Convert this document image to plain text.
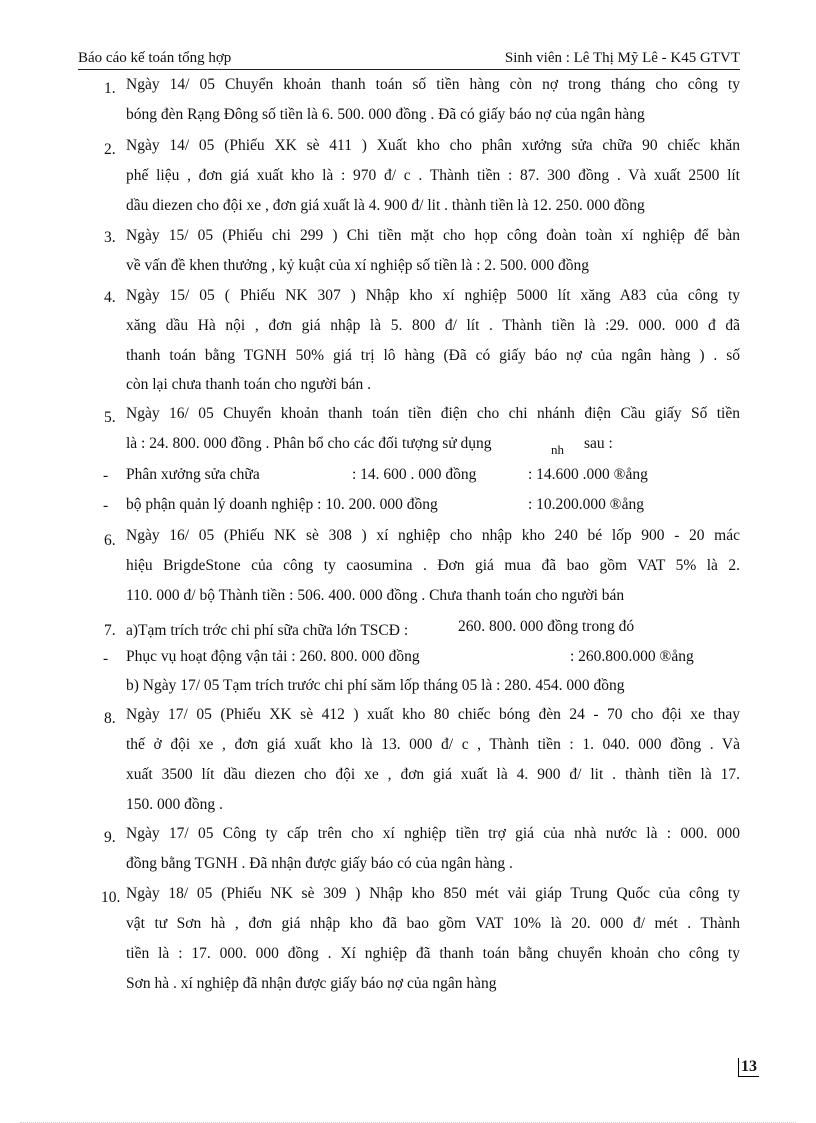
Báo cáo kế toán tổng hợp	Sinh viên : Lê Thị Mỹ Lê - K45 GTVT
1. Ngày 14/ 05 Chuyển khoản thanh toán số tiền hàng còn nợ trong tháng cho công ty
bóng đèn Rạng Đông số tiền là 6. 500. 000 đồng . Đã có giấy báo nợ của ngân hàng
2. Ngày 14/ 05 (Phiếu XK sè 411 ) Xuất kho cho phân xưởng sửa chữa 90 chiếc khăn
phế liệu , đơn giá xuất kho là : 970 đ/ c . Thành tiền : 87. 300 đồng . Và xuất 2500 lít
dầu diezen cho đội xe , đơn giá xuất là 4. 900 đ/ lit . thành tiền là 12. 250. 000 đồng
3. Ngày 15/ 05 (Phiếu chi 299 ) Chi tiền mặt cho họp công đoàn toàn xí nghiệp để bàn
về vấn đề khen thưởng , kỷ kuật của xí nghiệp số tiền là : 2. 500. 000 đồng
4. Ngày 15/ 05 ( Phiếu NK 307 ) Nhập kho xí nghiệp 5000 lít xăng A83 của công ty
xăng dầu Hà nội , đơn giá nhập là 5. 800 đ/ lít . Thành tiền là :29. 000. 000 đ đã
thanh toán bằng TGNH 50% giá trị lô hàng (Đã có giấy báo nợ của ngân hàng ) . số
còn lại chưa thanh toán cho người bán .
5. Ngày 16/ 05 Chuyển khoản thanh toán tiền điện cho chi nhánh điện Cầu giấy Số tiền
là : 24. 800. 000 đồng . Phân bổ cho các đối tượng sử dụng	nh sau :
- Phân xưởng sửa chữa	: 14. 600 . 000 đồng	: 14.600 .000 ®ång
- bộ phận quản lý doanh nghiệp : 10. 200. 000 đồng	: 10.200.000 ®ång
6. Ngày 16/ 05 (Phiếu NK sè 308 ) xí nghiệp cho nhập kho 240 bé lốp 900 - 20 mác
hiệu BrigdeStone của công ty caosumina . Đơn giá mua đã bao gồm VAT 5% là 2.
110. 000 đ/ bộ Thành tiền : 506. 400. 000 đồng . Chưa thanh toán cho người bán
7. a)Tạm trích trớc chi phí sữa chữa lớn TSCĐ :	260. 800. 000 đồng trong đó
- Phục vụ hoạt động vận tải : 260. 800. 000 đồng	: 260.800.000 ®ång
b) Ngày 17/ 05 Tạm trích trước chi phí săm lốp tháng 05 là : 280. 454. 000 đồng
8. Ngày 17/ 05 (Phiếu XK sè 412 ) xuất kho 80 chiếc bóng đèn 24 - 70 cho đội xe thay
thế ở đội xe , đơn giá xuất kho là 13. 000 đ/ c , Thành tiền : 1. 040. 000 đồng . Và
xuất 3500 lít dầu diezen cho đội xe , đơn giá xuất là 4. 900 đ/ lit . thành tiền là 17.
150. 000 đồng .
9. Ngày 17/ 05 Công ty cấp trên cho xí nghiệp tiền trợ giá của nhà nước là : 000. 000
đồng bằng TGNH . Đã nhận được giấy báo có của ngân hàng .
10. Ngày 18/ 05 (Phiếu NK sè 309 ) Nhập kho 850 mét vải giáp Trung Quốc của công ty
vật tư Sơn hà , đơn giá nhập kho đã bao gồm VAT 10% là 20. 000 đ/ mét . Thành
tiền là : 17. 000. 000 đồng . Xí nghiệp đã thanh toán bằng chuyển khoản cho công ty
Sơn hà . xí nghiệp đã nhận được giấy báo nợ của ngân hàng
13
